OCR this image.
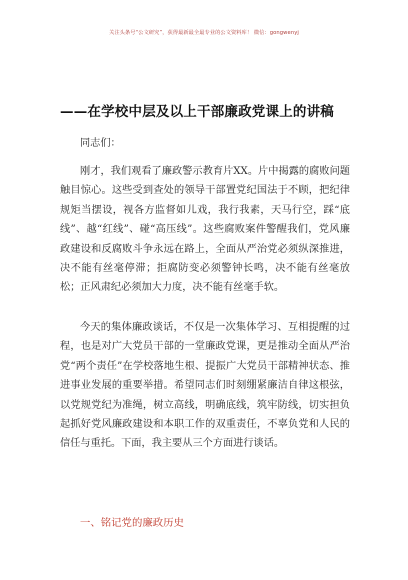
关注头条号“公文研究”，获得最新最全最专业的公文资料库！ 微信：gongwenyj
——在学校中层及以上干部廉政党课上的讲稿

同志们：

刚才，我们观看了廉政警示教育片XX。片中揭露的腐败问题触目惊心。这些受到查处的领导干部置党纪国法于不顾，把纪律规矩当摆设，视各方监督如儿戏，我行我素，天马行空，踩“底线”、越“红线”、碰“高压线”。这些腐败案件警醒我们，党风廉政建设和反腐败斗争永远在路上，全面从严治党必须纵深推进，决不能有丝毫停滞；拒腐防变必须警钟长鸣，决不能有丝毫放松；正风肃纪必须加大力度，决不能有丝毫手软。

今天的集体廉政谈话，不仅是一次集体学习、互相提醒的过程，也是对广大党员干部的一堂廉政党课，更是推动全面从严治党“两个责任”在学校落地生根、提振广大党员干部精神状态、推进事业发展的重要举措。希望同志们时刻绷紧廉洁自律这根弦，以党规党纪为准绳，树立高线，明确底线，筑牢防线，切实担负起抓好党风廉政建设和本职工作的双重责任，不辜负党和人民的信任与重托。下面，我主要从三个方面进行谈话。

一、铭记党的廉政历史
